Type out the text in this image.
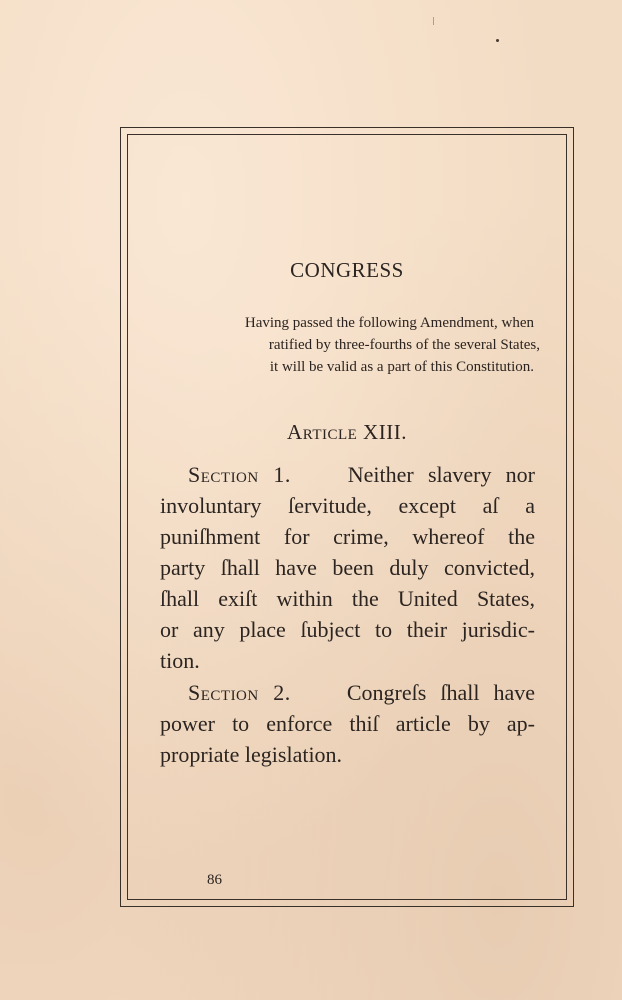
CONGRESS
Having passed the following Amendment, when
ratified by three-fourths of the several States,
it will be valid as a part of this Constitution.
Article XIII.
Section 1.	Neither slavery nor
involuntary ſervitude, except aſ a
puniſhment for crime, whereof the
party ſhall have been duly convicted,
ſhall exiſt within the United States,
or any place ſubject to their jurisdic-
tion.
Section 2.	Congreſs ſhall have
power to enforce thiſ article by ap-
propriate legislation.
86
